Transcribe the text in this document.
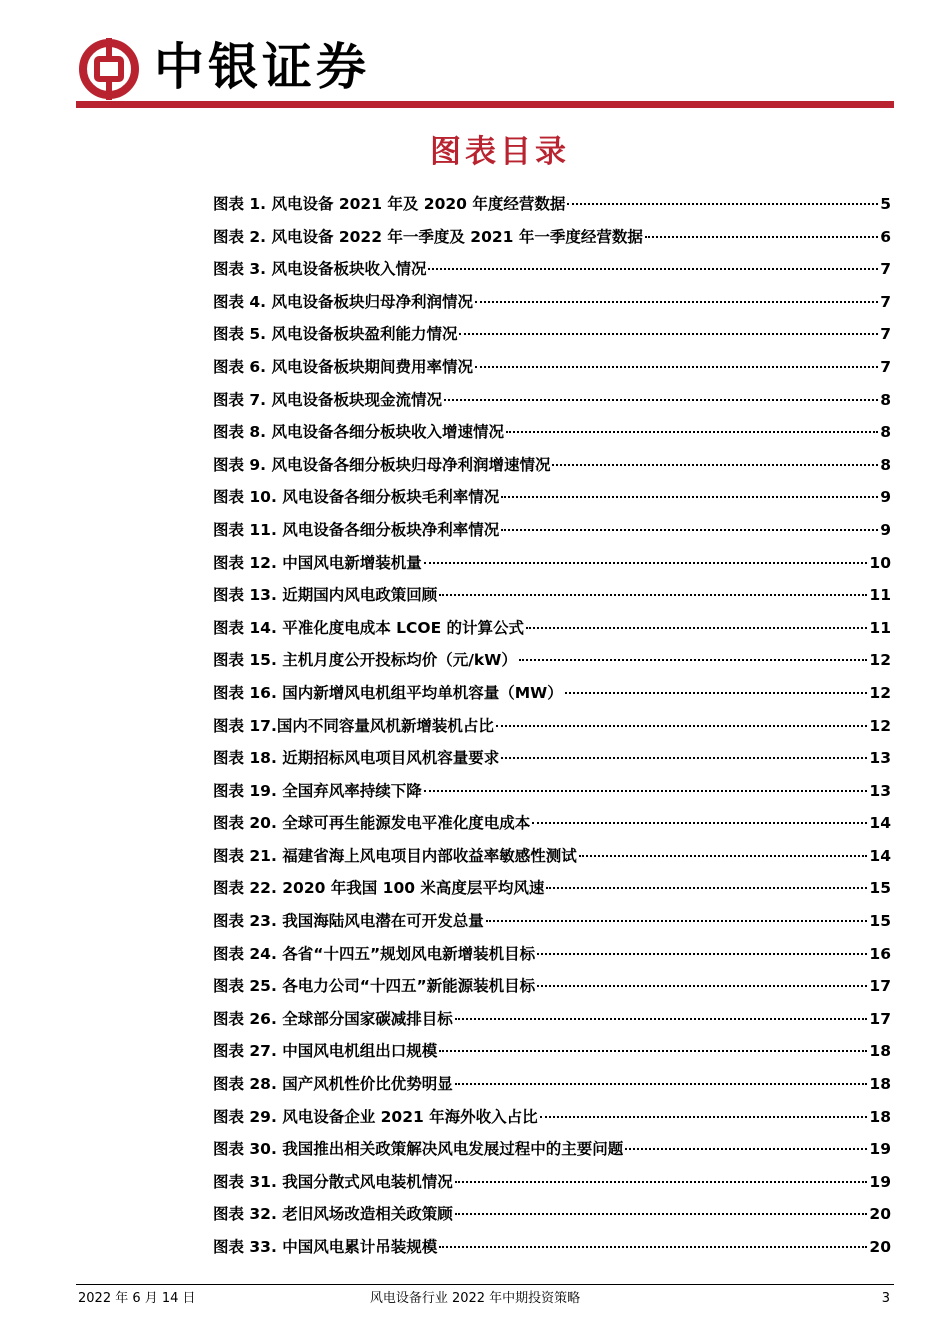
中银证券
图表目录
图表 1. 风电设备 2021 年及 2020 年度经营数据	5
图表 2. 风电设备 2022 年一季度及 2021 年一季度经营数据	6
图表 3. 风电设备板块收入情况	7
图表 4. 风电设备板块归母净利润情况	7
图表 5. 风电设备板块盈利能力情况	7
图表 6. 风电设备板块期间费用率情况	7
图表 7. 风电设备板块现金流情况	8
图表 8. 风电设备各细分板块收入增速情况	8
图表 9. 风电设备各细分板块归母净利润增速情况	8
图表 10. 风电设备各细分板块毛利率情况	9
图表 11. 风电设备各细分板块净利率情况	9
图表 12. 中国风电新增装机量	10
图表 13. 近期国内风电政策回顾	11
图表 14. 平准化度电成本 LCOE 的计算公式	11
图表 15. 主机月度公开投标均价（元/kW）	12
图表 16. 国内新增风电机组平均单机容量（MW）	12
图表 17.国内不同容量风机新增装机占比	12
图表 18. 近期招标风电项目风机容量要求	13
图表 19. 全国弃风率持续下降	13
图表 20. 全球可再生能源发电平准化度电成本	14
图表 21. 福建省海上风电项目内部收益率敏感性测试	14
图表 22. 2020 年我国 100 米高度层平均风速	15
图表 23. 我国海陆风电潜在可开发总量	15
图表 24. 各省“十四五”规划风电新增装机目标	16
图表 25. 各电力公司“十四五”新能源装机目标	17
图表 26. 全球部分国家碳减排目标	17
图表 27. 中国风电机组出口规模	18
图表 28. 国产风机性价比优势明显	18
图表 29. 风电设备企业 2021 年海外收入占比	18
图表 30. 我国推出相关政策解决风电发展过程中的主要问题	19
图表 31. 我国分散式风电装机情况	19
图表 32. 老旧风场改造相关政策顾	20
图表 33. 中国风电累计吊装规模	20
2022 年 6 月 14 日	风电设备行业 2022 年中期投资策略	3
